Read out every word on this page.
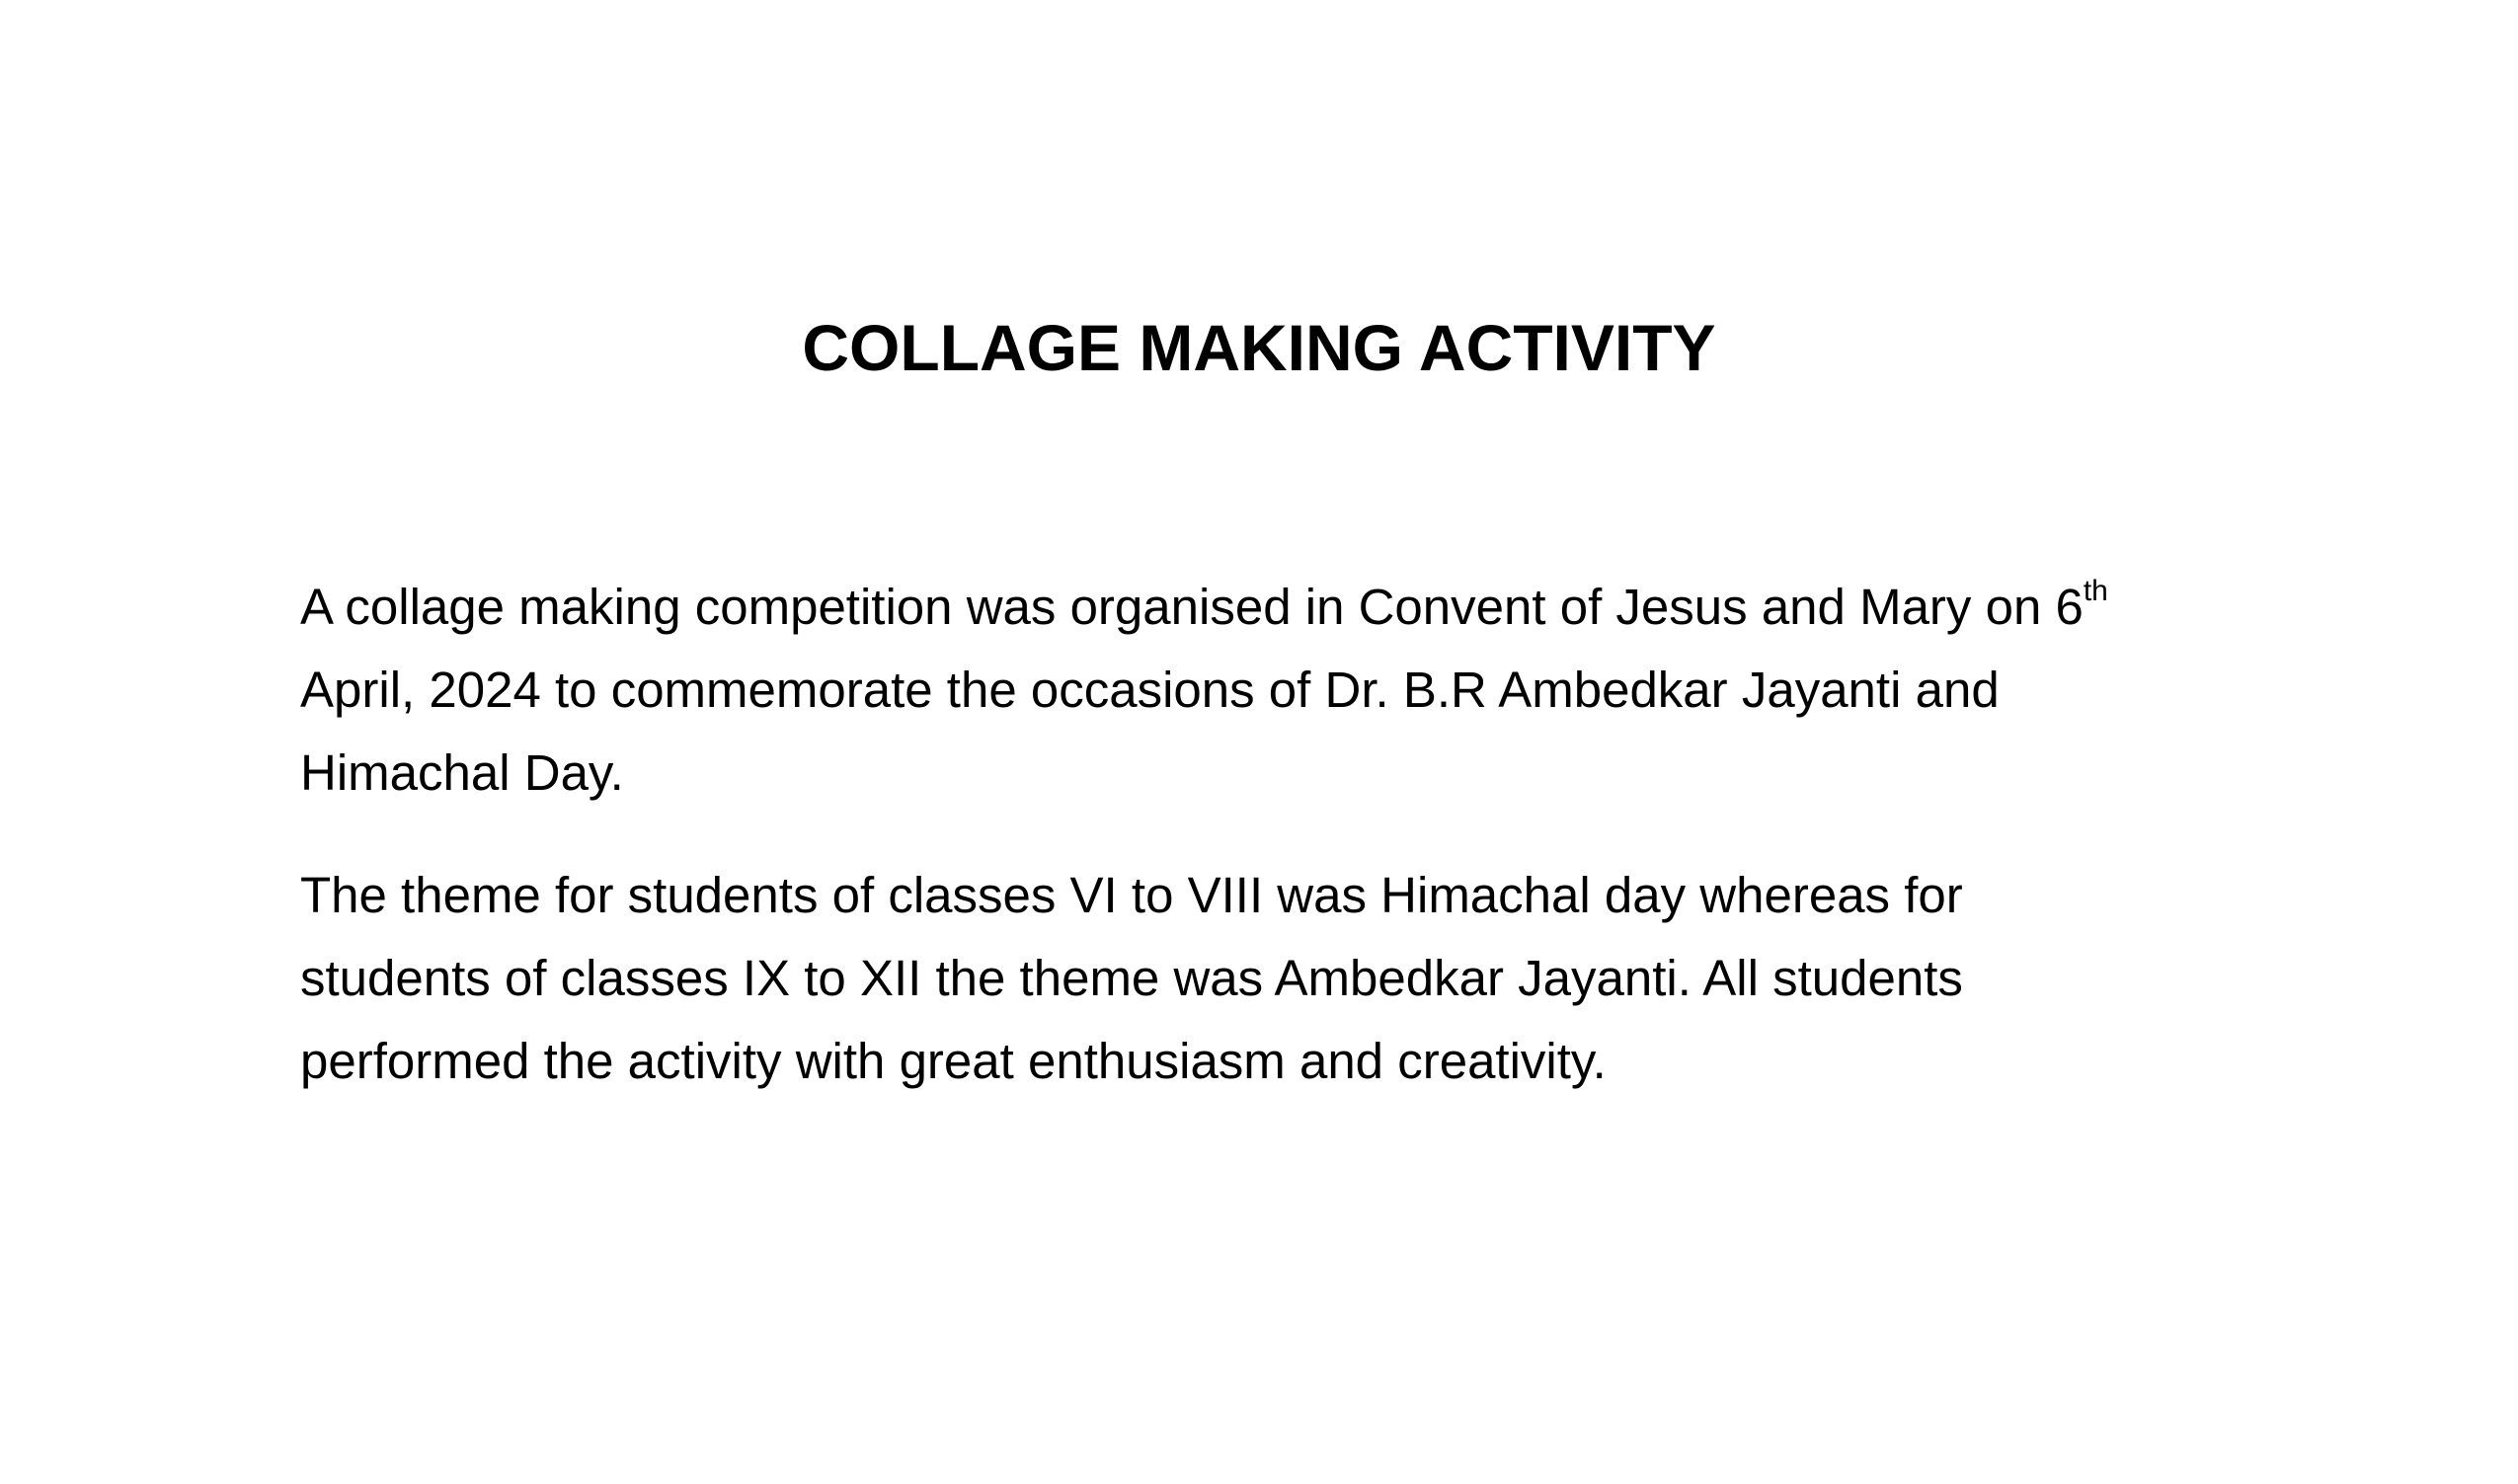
COLLAGE MAKING ACTIVITY

A collage making competition was organised in Convent of Jesus and Mary on 6th
April, 2024 to commemorate the occasions of Dr. B.R Ambedkar Jayanti and
Himachal Day.

The theme for students of classes VI to VIII was Himachal day whereas for
students of classes IX to XII the theme was Ambedkar Jayanti. All students
performed the activity with great enthusiasm and creativity.
